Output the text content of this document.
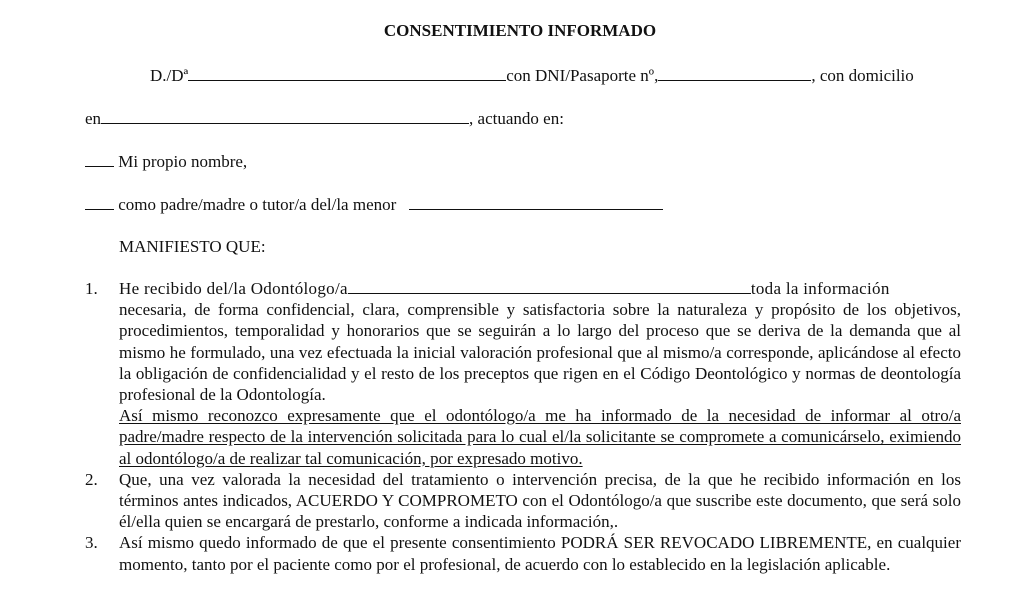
CONSENTIMIENTO INFORMADO
D./Dª	con DNI/Pasaporte nº,	, con domicilio
en	, actuando en:
Mi propio nombre,
como padre/madre o tutor/a del/la menor
MANIFIESTO QUE:
1.	He recibido del/la Odontólogo/a	toda la información
necesaria, de forma confidencial, clara, comprensible y satisfactoria sobre la naturaleza y propósito de los objetivos, procedimientos, temporalidad y honorarios que se seguirán a lo largo del proceso que se deriva de la demanda que al mismo he formulado, una vez efectuada la inicial valoración profesional que al mismo/a corresponde, aplicándose al efecto la obligación de confidencialidad y el resto de los preceptos que rigen en el Código Deontológico y normas de deontología profesional de la Odontología.
Así mismo reconozco expresamente que el odontólogo/a me ha informado de la necesidad de informar al otro/a padre/madre respecto de la intervención solicitada para lo cual el/la solicitante se compromete a comunicárselo, eximiendo al odontólogo/a de realizar tal comunicación, por expresado motivo.
2.	Que, una vez valorada la necesidad del tratamiento o intervención precisa, de la que he recibido información en los términos antes indicados, ACUERDO Y COMPROMETO con el Odontólogo/a que suscribe este documento, que será solo él/ella quien se encargará de prestarlo, conforme a indicada información,.
3.	Así mismo quedo informado de que el presente consentimiento PODRÁ SER REVOCADO LIBREMENTE, en cualquier momento, tanto por el paciente como por el profesional, de acuerdo con lo establecido en la legislación aplicable.
